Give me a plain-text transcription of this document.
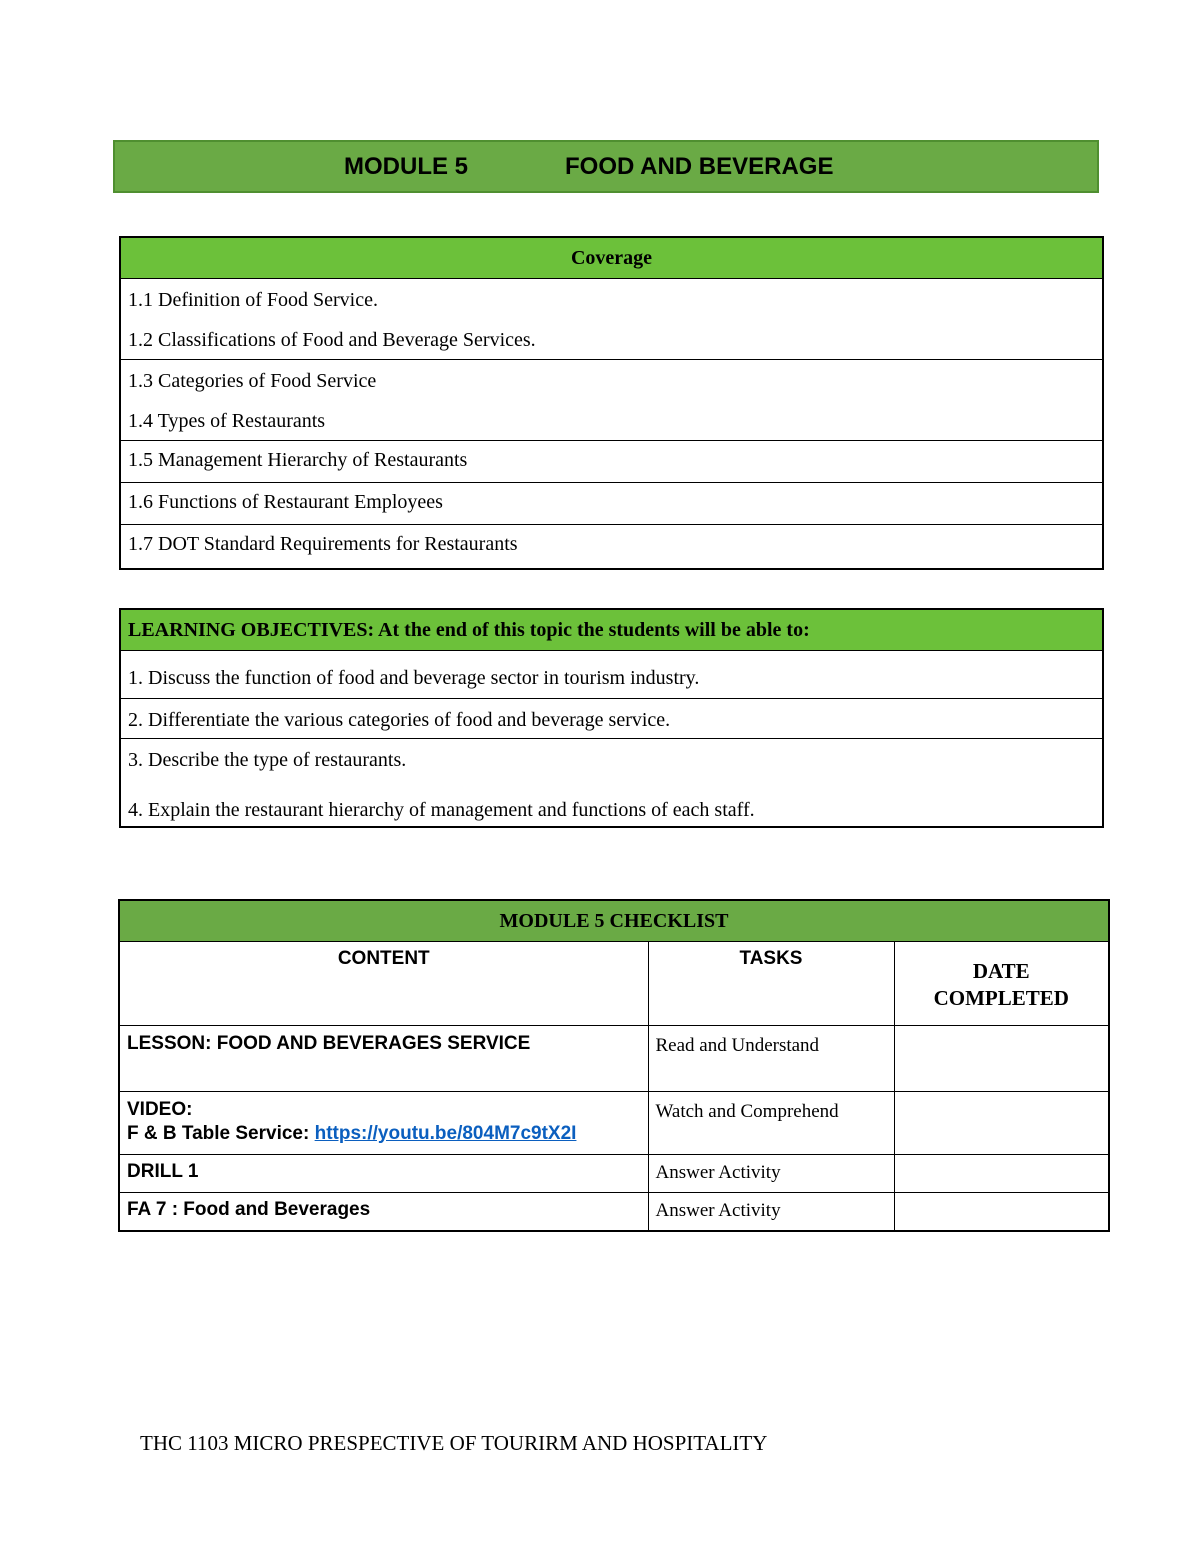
MODULE 5	FOOD AND BEVERAGE
Coverage

1.1 Definition of Food Service.
1.2 Classifications of Food and Beverage Services.

1.3 Categories of Food Service
1.4 Types of Restaurants

1.5 Management Hierarchy of Restaurants
1.6 Functions of Restaurant Employees
1.7 DOT Standard Requirements for Restaurants
LEARNING OBJECTIVES: At the end of this topic the students will be able to:
1. Discuss the function of food and beverage sector in tourism industry.
2. Differentiate the various categories of food and beverage service.

3. Describe the type of restaurants.
4. Explain the restaurant hierarchy of management and functions of each staff.
MODULE 5 CHECKLIST		
CONTENT	TASKS	DATE
COMPLETED

LESSON: FOOD AND BEVERAGES SERVICE	Read and Understand	

VIDEO:
F & B Table Service: https://youtu.be/804M7c9tX2I	Watch and Comprehend	
DRILL 1	Answer Activity	
FA 7 : Food and Beverages	Answer Activity	
THC 1103 MICRO PRESPECTIVE OF TOURIRM AND HOSPITALITY
